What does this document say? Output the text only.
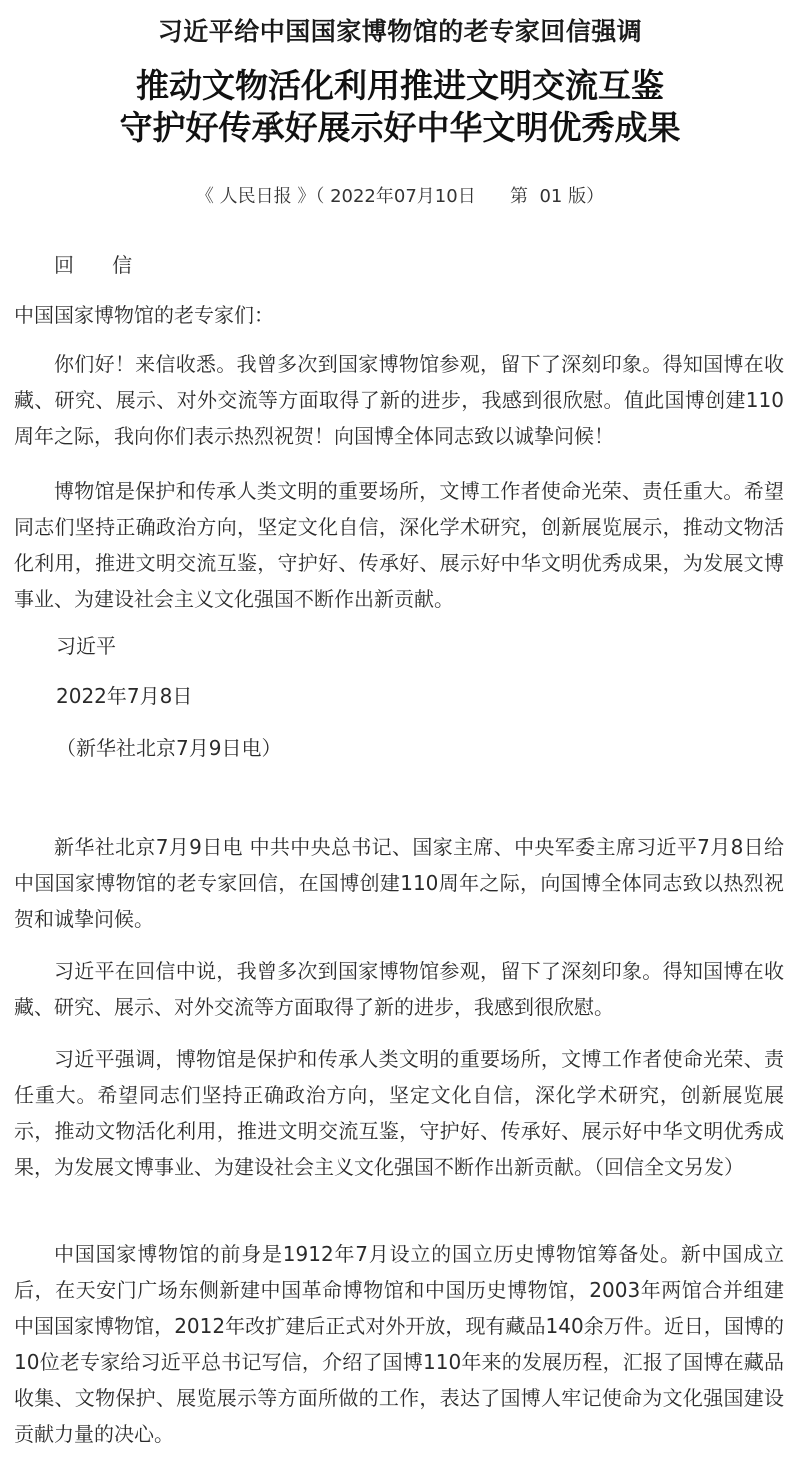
习近平给中国国家博物馆的老专家回信强调
推动文物活化利用推进文明交流互鉴
守护好传承好展示好中华文明优秀成果
《 人民日报 》（ 2022年07月10日      第  01 版）
回      信
中国国家博物馆的老专家们：
你们好！来信收悉。我曾多次到国家博物馆参观，留下了深刻印象。得知国博在收藏、研究、展示、对外交流等方面取得了新的进步，我感到很欣慰。值此国博创建110周年之际，我向你们表示热烈祝贺！向国博全体同志致以诚挚问候！
博物馆是保护和传承人类文明的重要场所，文博工作者使命光荣、责任重大。希望同志们坚持正确政治方向，坚定文化自信，深化学术研究，创新展览展示，推动文物活化利用，推进文明交流互鉴，守护好、传承好、展示好中华文明优秀成果，为发展文博事业、为建设社会主义文化强国不断作出新贡献。
习近平
2022年7月8日
（新华社北京7月9日电）
新华社北京7月9日电 中共中央总书记、国家主席、中央军委主席习近平7月8日给中国国家博物馆的老专家回信，在国博创建110周年之际，向国博全体同志致以热烈祝贺和诚挚问候。
习近平在回信中说，我曾多次到国家博物馆参观，留下了深刻印象。得知国博在收藏、研究、展示、对外交流等方面取得了新的进步，我感到很欣慰。
习近平强调，博物馆是保护和传承人类文明的重要场所，文博工作者使命光荣、责任重大。希望同志们坚持正确政治方向，坚定文化自信，深化学术研究，创新展览展示，推动文物活化利用，推进文明交流互鉴，守护好、传承好、展示好中华文明优秀成果，为发展文博事业、为建设社会主义文化强国不断作出新贡献。（回信全文另发）
中国国家博物馆的前身是1912年7月设立的国立历史博物馆筹备处。新中国成立后，在天安门广场东侧新建中国革命博物馆和中国历史博物馆，2003年两馆合并组建中国国家博物馆，2012年改扩建后正式对外开放，现有藏品140余万件。近日，国博的10位老专家给习近平总书记写信，介绍了国博110年来的发展历程，汇报了国博在藏品收集、文物保护、展览展示等方面所做的工作，表达了国博人牢记使命为文化强国建设贡献力量的决心。
